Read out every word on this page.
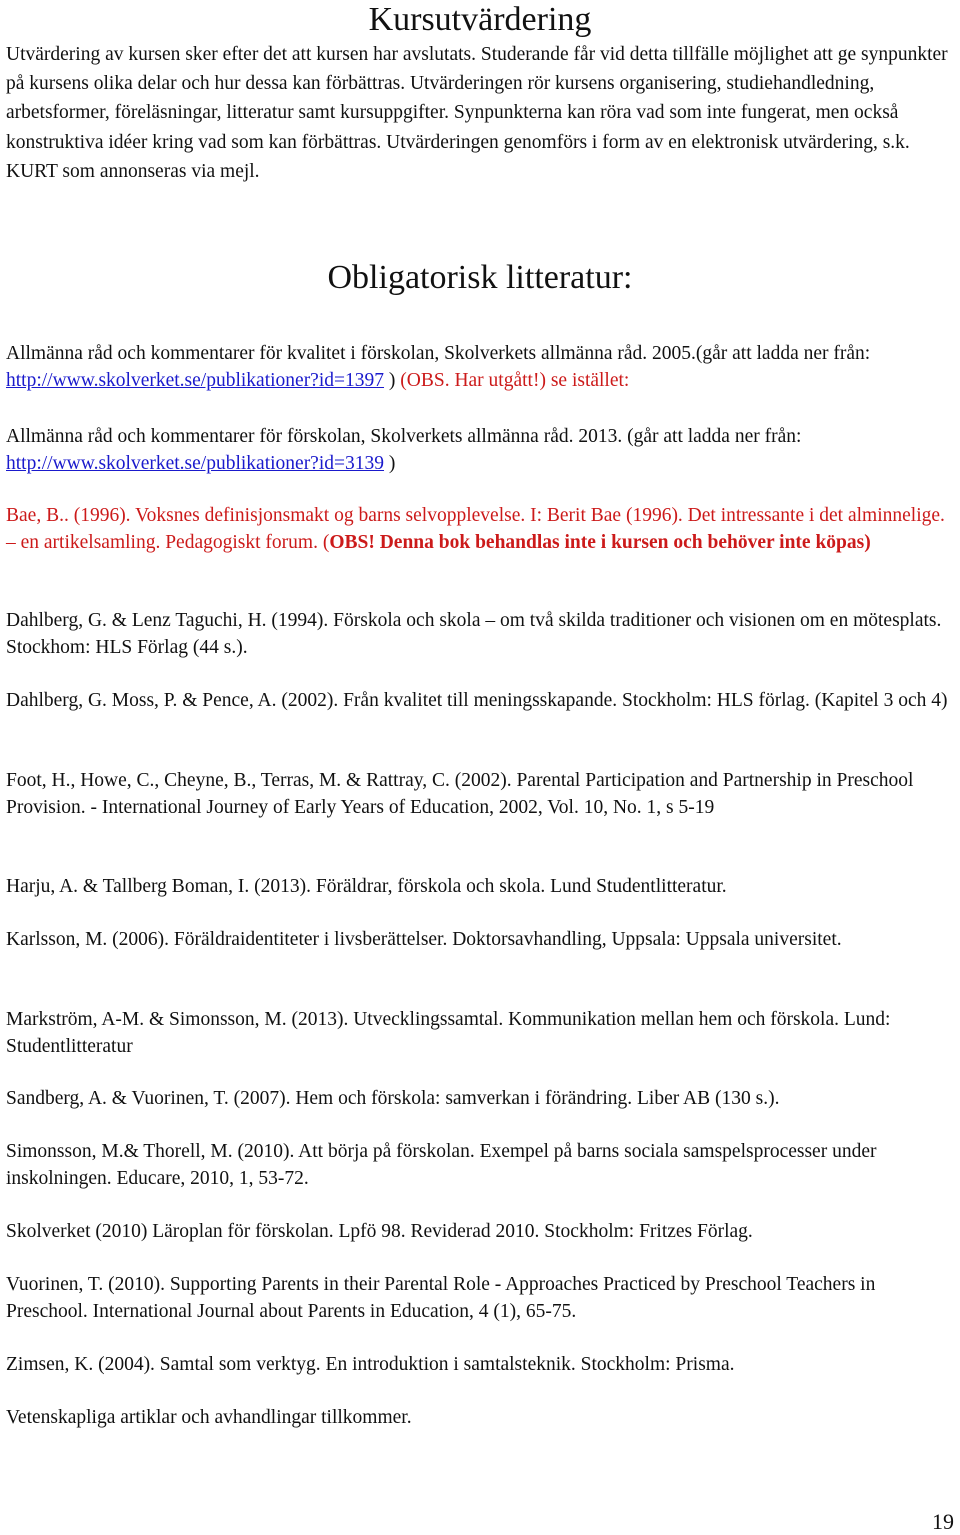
Kursutvärdering

Utvärdering av kursen sker efter det att kursen har avslutats. Studerande får vid detta tillfälle möjlighet att ge synpunkter på kursens olika delar och hur dessa kan förbättras. Utvärderingen rör kursens organisering, studiehandledning, arbetsformer, föreläsningar, litteratur samt kursuppgifter. Synpunkterna kan röra vad som inte fungerat, men också konstruktiva idéer kring vad som kan förbättras. Utvärderingen genomförs i form av en elektronisk utvärdering, s.k. KURT som annonseras via mejl.

Obligatorisk litteratur:

Allmänna råd och kommentarer för kvalitet i förskolan, Skolverkets allmänna råd. 2005.(går att ladda ner från: http://www.skolverket.se/publikationer?id=1397 ) (OBS. Har utgått!) se istället:

Allmänna råd och kommentarer för förskolan, Skolverkets allmänna råd. 2013. (går att ladda ner från: http://www.skolverket.se/publikationer?id=3139 )

Bae, B.. (1996). Voksnes definisjonsmakt og barns selvopplevelse. I: Berit Bae (1996). Det intressante i det alminnelige. – en artikelsamling. Pedagogiskt forum. (OBS! Denna bok behandlas inte i kursen och behöver inte köpas)

Dahlberg, G. & Lenz Taguchi, H. (1994). Förskola och skola – om två skilda traditioner och visionen om en mötesplats. Stockhom: HLS Förlag (44 s.).

Dahlberg, G. Moss, P. & Pence, A. (2002). Från kvalitet till meningsskapande. Stockholm: HLS förlag. (Kapitel 3 och 4)

Foot, H., Howe, C., Cheyne, B., Terras, M. & Rattray, C. (2002). Parental Participation and Partnership in Preschool Provision. - International Journey of Early Years of Education, 2002, Vol. 10, No. 1, s 5-19

Harju, A. & Tallberg Boman, I. (2013). Föräldrar, förskola och skola. Lund Studentlitteratur.

Karlsson, M. (2006). Föräldraidentiteter i livsberättelser. Doktorsavhandling, Uppsala: Uppsala universitet.

Markström, A-M. & Simonsson, M. (2013). Utvecklingssamtal. Kommunikation mellan hem och förskola. Lund: Studentlitteratur

Sandberg, A. & Vuorinen, T. (2007). Hem och förskola: samverkan i förändring. Liber AB (130 s.).

Simonsson, M.& Thorell, M. (2010). Att börja på förskolan. Exempel på barns sociala samspelsprocesser under inskolningen. Educare, 2010, 1, 53-72.

Skolverket (2010) Läroplan för förskolan. Lpfö 98. Reviderad 2010. Stockholm: Fritzes Förlag.

Vuorinen, T. (2010). Supporting Parents in their Parental Role - Approaches Practiced by Preschool Teachers in Preschool. International Journal about Parents in Education, 4 (1), 65-75.

Zimsen, K. (2004). Samtal som verktyg. En introduktion i samtalsteknik. Stockholm: Prisma.

Vetenskapliga artiklar och avhandlingar tillkommer.

19
